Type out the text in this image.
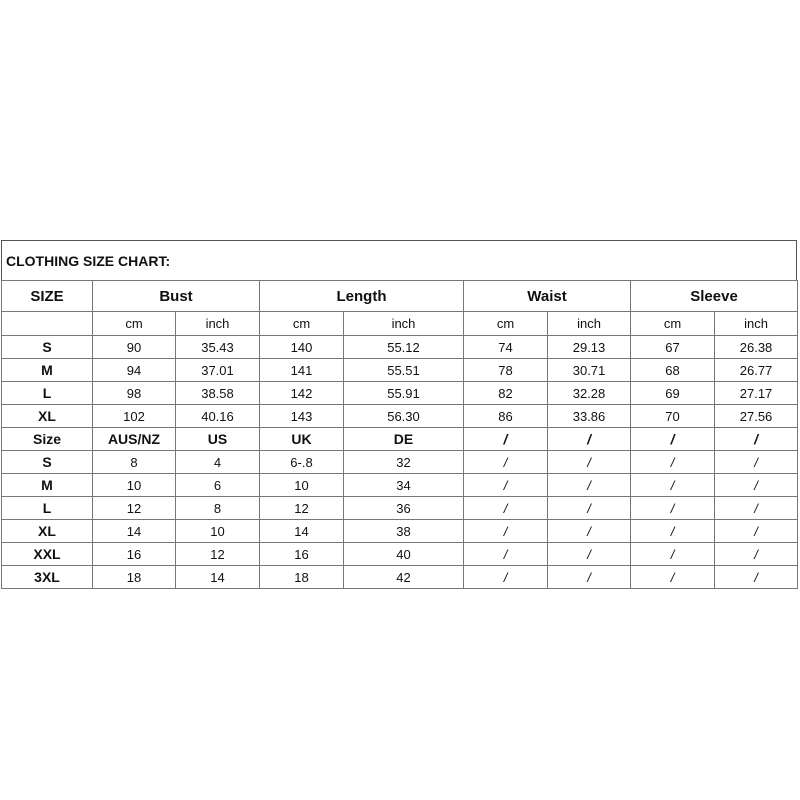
CLOTHING SIZE CHART:
SIZE	Bust		Length		Waist		Sleeve	
	cm	inch	cm	inch	cm	inch	cm	inch
S	90	35.43	140	55.12	74	29.13	67	26.38
M	94	37.01	141	55.51	78	30.71	68	26.77
L	98	38.58	142	55.91	82	32.28	69	27.17
XL	102	40.16	143	56.30	86	33.86	70	27.56
Size	AUS/NZ	US	UK	DE	/	/	/	/
S	8	4	6-.8	32	/	/	/	/
M	10	6	10	34	/	/	/	/
L	12	8	12	36	/	/	/	/
XL	14	10	14	38	/	/	/	/
XXL	16	12	16	40	/	/	/	/
3XL	18	14	18	42	/	/	/	/
